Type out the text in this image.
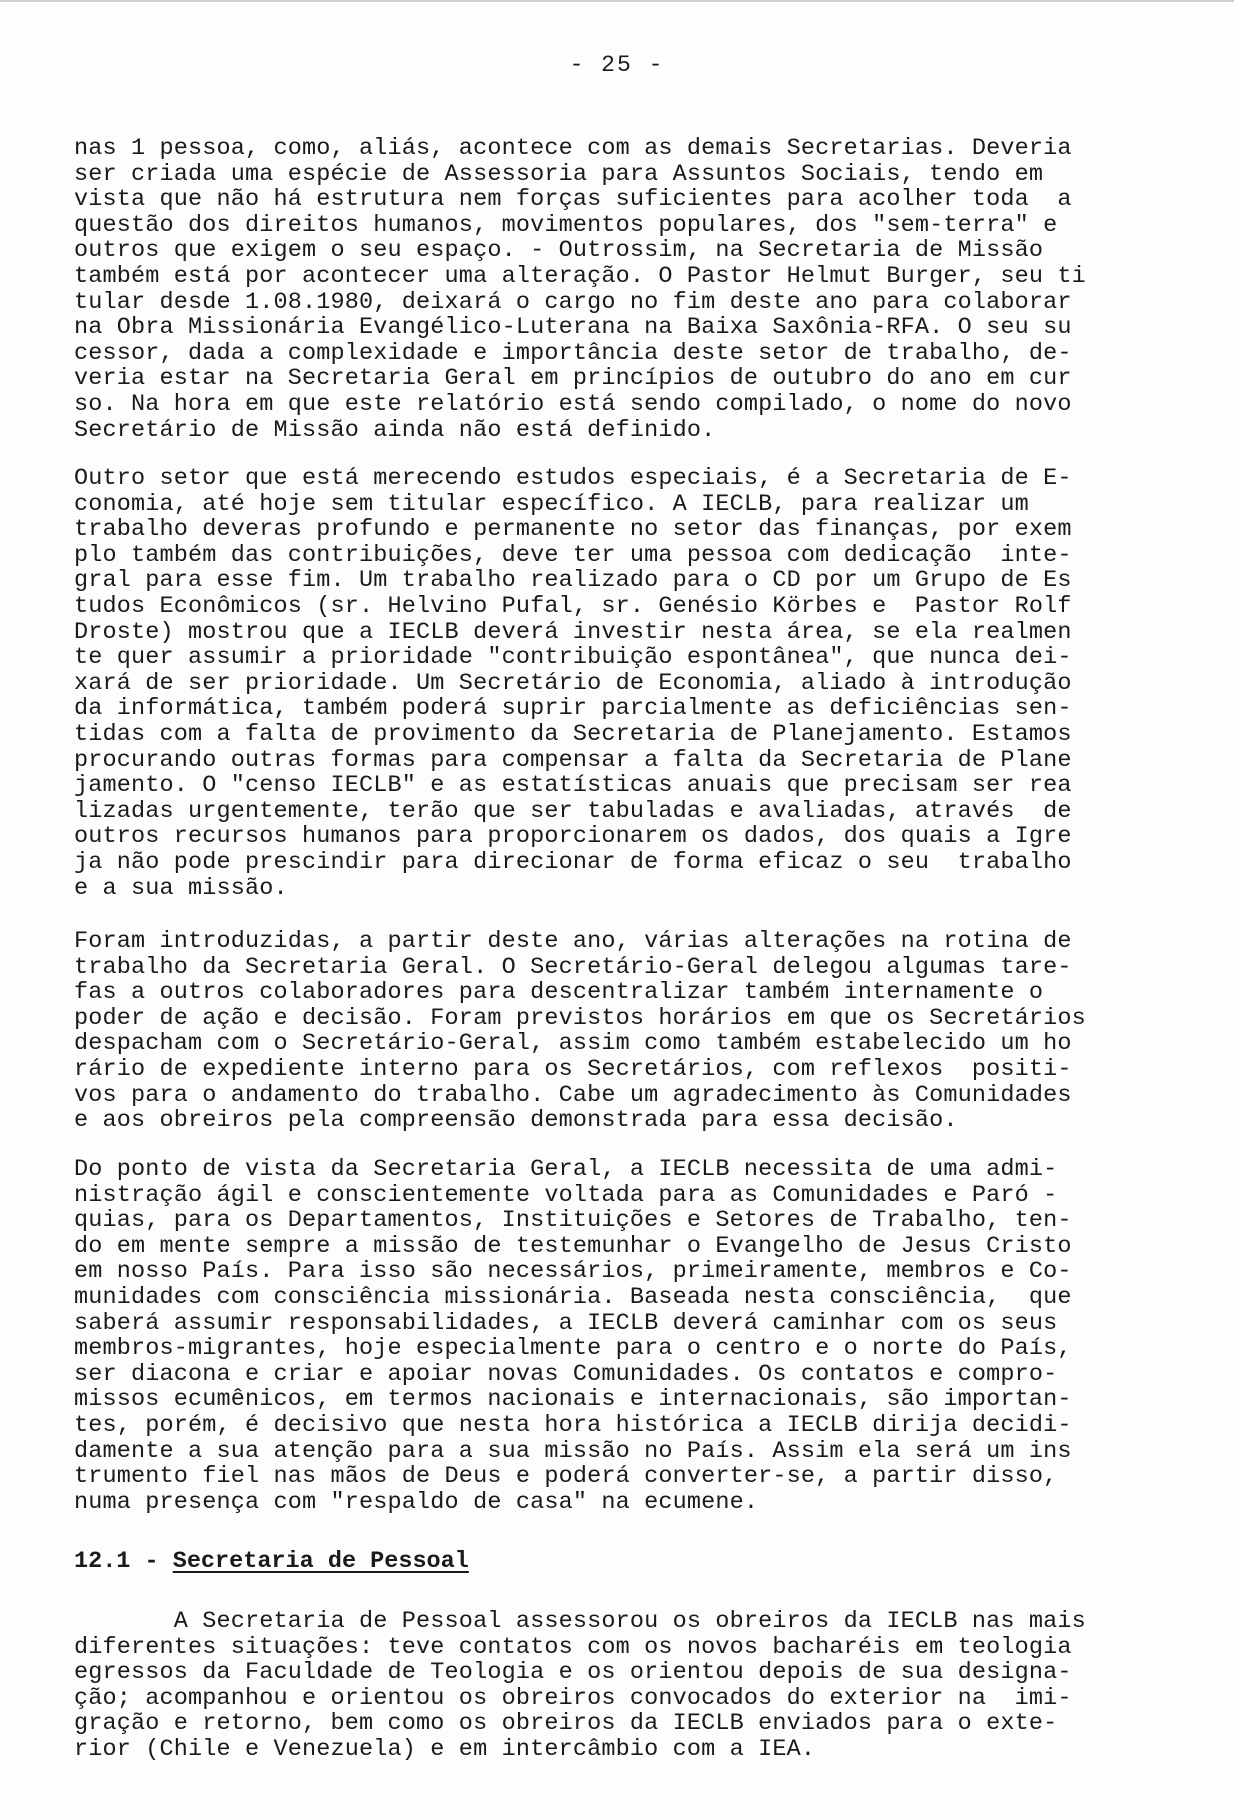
- 25 -

nas 1 pessoa, como, aliás, acontece com as demais Secretarias. Deveria
ser criada uma espécie de Assessoria para Assuntos Sociais, tendo em
vista que não há estrutura nem forças suficientes para acolher toda  a
questão dos direitos humanos, movimentos populares, dos "sem-terra" e
outros que exigem o seu espaço. - Outrossim, na Secretaria de Missão
também está por acontecer uma alteração. O Pastor Helmut Burger, seu ti
tular desde 1.08.1980, deixará o cargo no fim deste ano para colaborar
na Obra Missionária Evangélico-Luterana na Baixa Saxônia-RFA. O seu su
cessor, dada a complexidade e importância deste setor de trabalho, de-
veria estar na Secretaria Geral em princípios de outubro do ano em cur
so. Na hora em que este relatório está sendo compilado, o nome do novo
Secretário de Missão ainda não está definido.

Outro setor que está merecendo estudos especiais, é a Secretaria de E-
conomia, até hoje sem titular específico. A IECLB, para realizar um
trabalho deveras profundo e permanente no setor das finanças, por exem
plo também das contribuições, deve ter uma pessoa com dedicação  inte-
gral para esse fim. Um trabalho realizado para o CD por um Grupo de Es
tudos Econômicos (sr. Helvino Pufal, sr. Genésio Körbes e  Pastor Rolf
Droste) mostrou que a IECLB deverá investir nesta área, se ela realmen
te quer assumir a prioridade "contribuição espontânea", que nunca dei-
xará de ser prioridade. Um Secretário de Economia, aliado à introdução
da informática, também poderá suprir parcialmente as deficiências sen-
tidas com a falta de provimento da Secretaria de Planejamento. Estamos
procurando outras formas para compensar a falta da Secretaria de Plane
jamento. O "censo IECLB" e as estatísticas anuais que precisam ser rea
lizadas urgentemente, terão que ser tabuladas e avaliadas, através  de
outros recursos humanos para proporcionarem os dados, dos quais a Igre
ja não pode prescindir para direcionar de forma eficaz o seu  trabalho
e a sua missão.

Foram introduzidas, a partir deste ano, várias alterações na rotina de
trabalho da Secretaria Geral. O Secretário-Geral delegou algumas tare-
fas a outros colaboradores para descentralizar também internamente o
poder de ação e decisão. Foram previstos horários em que os Secretários
despacham com o Secretário-Geral, assim como também estabelecido um ho
rário de expediente interno para os Secretários, com reflexos  positi-
vos para o andamento do trabalho. Cabe um agradecimento às Comunidades
e aos obreiros pela compreensão demonstrada para essa decisão.

Do ponto de vista da Secretaria Geral, a IECLB necessita de uma admi-
nistração ágil e conscientemente voltada para as Comunidades e Paró -
quias, para os Departamentos, Instituições e Setores de Trabalho, ten-
do em mente sempre a missão de testemunhar o Evangelho de Jesus Cristo
em nosso País. Para isso são necessários, primeiramente, membros e Co-
munidades com consciência missionária. Baseada nesta consciência,  que
saberá assumir responsabilidades, a IECLB deverá caminhar com os seus
membros-migrantes, hoje especialmente para o centro e o norte do País,
ser diacona e criar e apoiar novas Comunidades. Os contatos e compro-
missos ecumênicos, em termos nacionais e internacionais, são importan-
tes, porém, é decisivo que nesta hora histórica a IECLB dirija decidi-
damente a sua atenção para a sua missão no País. Assim ela será um ins
trumento fiel nas mãos de Deus e poderá converter-se, a partir disso,
numa presença com "respaldo de casa" na ecumene.

12.1 - Secretaria de Pessoal

A Secretaria de Pessoal assessorou os obreiros da IECLB nas mais
diferentes situações: teve contatos com os novos bacharéis em teologia
egressos da Faculdade de Teologia e os orientou depois de sua designa-
ção; acompanhou e orientou os obreiros convocados do exterior na  imi-
gração e retorno, bem como os obreiros da IECLB enviados para o exte-
rior (Chile e Venezuela) e em intercâmbio com a IEA.
